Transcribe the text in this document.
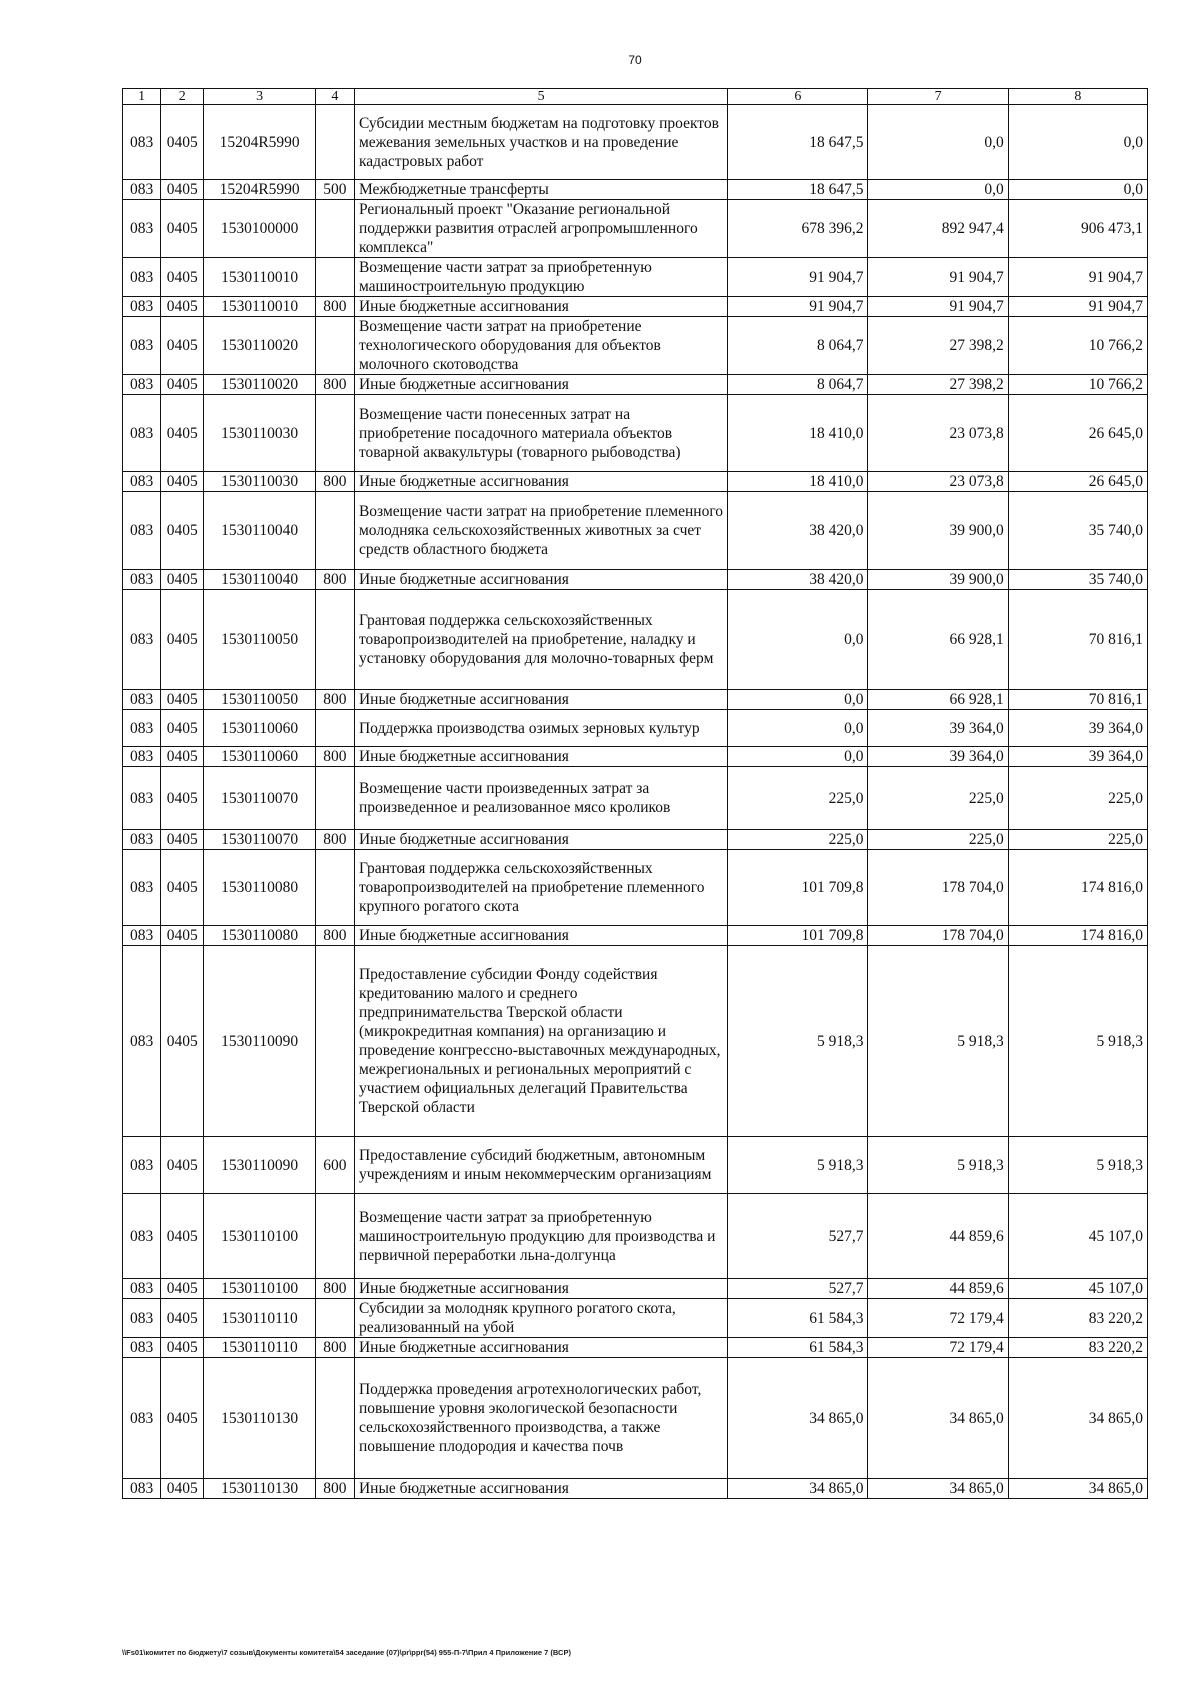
70
1	2	3	4	5	6	7	8
083	0405	15204R5990		Субсидии местным бюджетам на подготовку проектов межевания земельных участков и на проведение кадастровых работ	18 647,5	0,0	0,0
083	0405	15204R5990	500	Межбюджетные трансферты	18 647,5	0,0	0,0
083	0405	1530100000		Региональный проект "Оказание региональной поддержки развития отраслей агропромышленного комплекса"	678 396,2	892 947,4	906 473,1
083	0405	1530110010		Возмещение части затрат за приобретенную машиностроительную продукцию	91 904,7	91 904,7	91 904,7
083	0405	1530110010	800	Иные бюджетные ассигнования	91 904,7	91 904,7	91 904,7
083	0405	1530110020		Возмещение части затрат на приобретение технологического оборудования для объектов молочного скотоводства	8 064,7	27 398,2	10 766,2
083	0405	1530110020	800	Иные бюджетные ассигнования	8 064,7	27 398,2	10 766,2
083	0405	1530110030		Возмещение части понесенных затрат на приобретение посадочного материала объектов товарной аквакультуры (товарного рыбоводства)	18 410,0	23 073,8	26 645,0
083	0405	1530110030	800	Иные бюджетные ассигнования	18 410,0	23 073,8	26 645,0
083	0405	1530110040		Возмещение части затрат на приобретение племенного молодняка сельскохозяйственных животных за счет средств областного бюджета	38 420,0	39 900,0	35 740,0
083	0405	1530110040	800	Иные бюджетные ассигнования	38 420,0	39 900,0	35 740,0
083	0405	1530110050		Грантовая поддержка сельскохозяйственных товаропроизводителей на приобретение, наладку и установку оборудования для молочно-товарных ферм	0,0	66 928,1	70 816,1
083	0405	1530110050	800	Иные бюджетные ассигнования	0,0	66 928,1	70 816,1
083	0405	1530110060		Поддержка производства озимых зерновых культур	0,0	39 364,0	39 364,0
083	0405	1530110060	800	Иные бюджетные ассигнования	0,0	39 364,0	39 364,0
083	0405	1530110070		Возмещение части произведенных затрат за произведенное и реализованное мясо кроликов	225,0	225,0	225,0
083	0405	1530110070	800	Иные бюджетные ассигнования	225,0	225,0	225,0
083	0405	1530110080		Грантовая поддержка сельскохозяйственных товаропроизводителей на приобретение племенного крупного рогатого скота	101 709,8	178 704,0	174 816,0
083	0405	1530110080	800	Иные бюджетные ассигнования	101 709,8	178 704,0	174 816,0
083	0405	1530110090		Предоставление субсидии Фонду содействия кредитованию малого и среднего предпринимательства Тверской области (микрокредитная компания) на организацию и проведение конгрессно-выставочных международных, межрегиональных и региональных мероприятий с участием официальных делегаций Правительства Тверской области	5 918,3	5 918,3	5 918,3
083	0405	1530110090	600	Предоставление субсидий бюджетным, автономным учреждениям и иным некоммерческим организациям	5 918,3	5 918,3	5 918,3
083	0405	1530110100		Возмещение части затрат за приобретенную машиностроительную продукцию для производства и первичной переработки льна-долгунца	527,7	44 859,6	45 107,0
083	0405	1530110100	800	Иные бюджетные ассигнования	527,7	44 859,6	45 107,0
083	0405	1530110110		Субсидии за молодняк крупного рогатого скота, реализованный на убой	61 584,3	72 179,4	83 220,2
083	0405	1530110110	800	Иные бюджетные ассигнования	61 584,3	72 179,4	83 220,2
083	0405	1530110130		Поддержка проведения агротехнологических работ, повышение уровня экологической безопасности сельскохозяйственного производства, а также повышение плодородия и качества почв	34 865,0	34 865,0	34 865,0
083	0405	1530110130	800	Иные бюджетные ассигнования	34 865,0	34 865,0	34 865,0
\\Fs01\комитет по бюджету\7 созыв\Документы комитета\54 заседание (07)\pr\ppr(54) 955-П-7\Прил 4 Приложение 7 (ВСР)
